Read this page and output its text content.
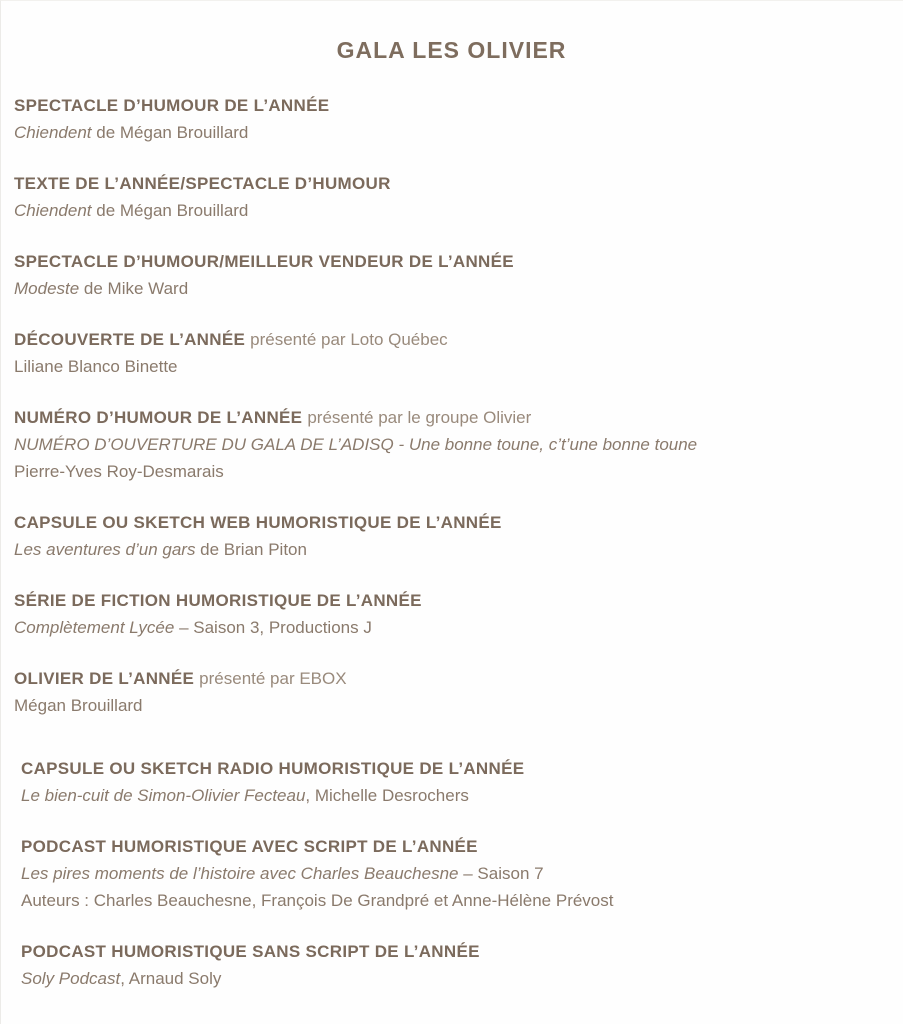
GALA LES OLIVIER
SPECTACLE D’HUMOUR DE L’ANNÉE

Chiendent de Mégan Brouillard

TEXTE DE L’ANNÉE/SPECTACLE D’HUMOUR

Chiendent de Mégan Brouillard

SPECTACLE D’HUMOUR/MEILLEUR VENDEUR DE L’ANNÉE

Modeste de Mike Ward

DÉCOUVERTE DE L’ANNÉE présenté par Loto Québec

Liliane Blanco Binette

NUMÉRO D’HUMOUR DE L’ANNÉE présenté par le groupe Olivier

NUMÉRO D’OUVERTURE DU GALA DE L’ADISQ - Une bonne toune, c’t’une bonne toune

Pierre-Yves Roy-Desmarais

CAPSULE OU SKETCH WEB HUMORISTIQUE DE L’ANNÉE

Les aventures d’un gars de Brian Piton

SÉRIE DE FICTION HUMORISTIQUE DE L’ANNÉE

Complètement Lycée – Saison 3, Productions J

OLIVIER DE L’ANNÉE présenté par EBOX

Mégan Brouillard

CAPSULE OU SKETCH RADIO HUMORISTIQUE DE L’ANNÉE

Le bien-cuit de Simon-Olivier Fecteau, Michelle Desrochers

PODCAST HUMORISTIQUE AVEC SCRIPT DE L’ANNÉE

Les pires moments de l’histoire avec Charles Beauchesne – Saison 7

Auteurs : Charles Beauchesne, François De Grandpré et Anne-Hélène Prévost

PODCAST HUMORISTIQUE SANS SCRIPT DE L’ANNÉE

Soly Podcast, Arnaud Soly
